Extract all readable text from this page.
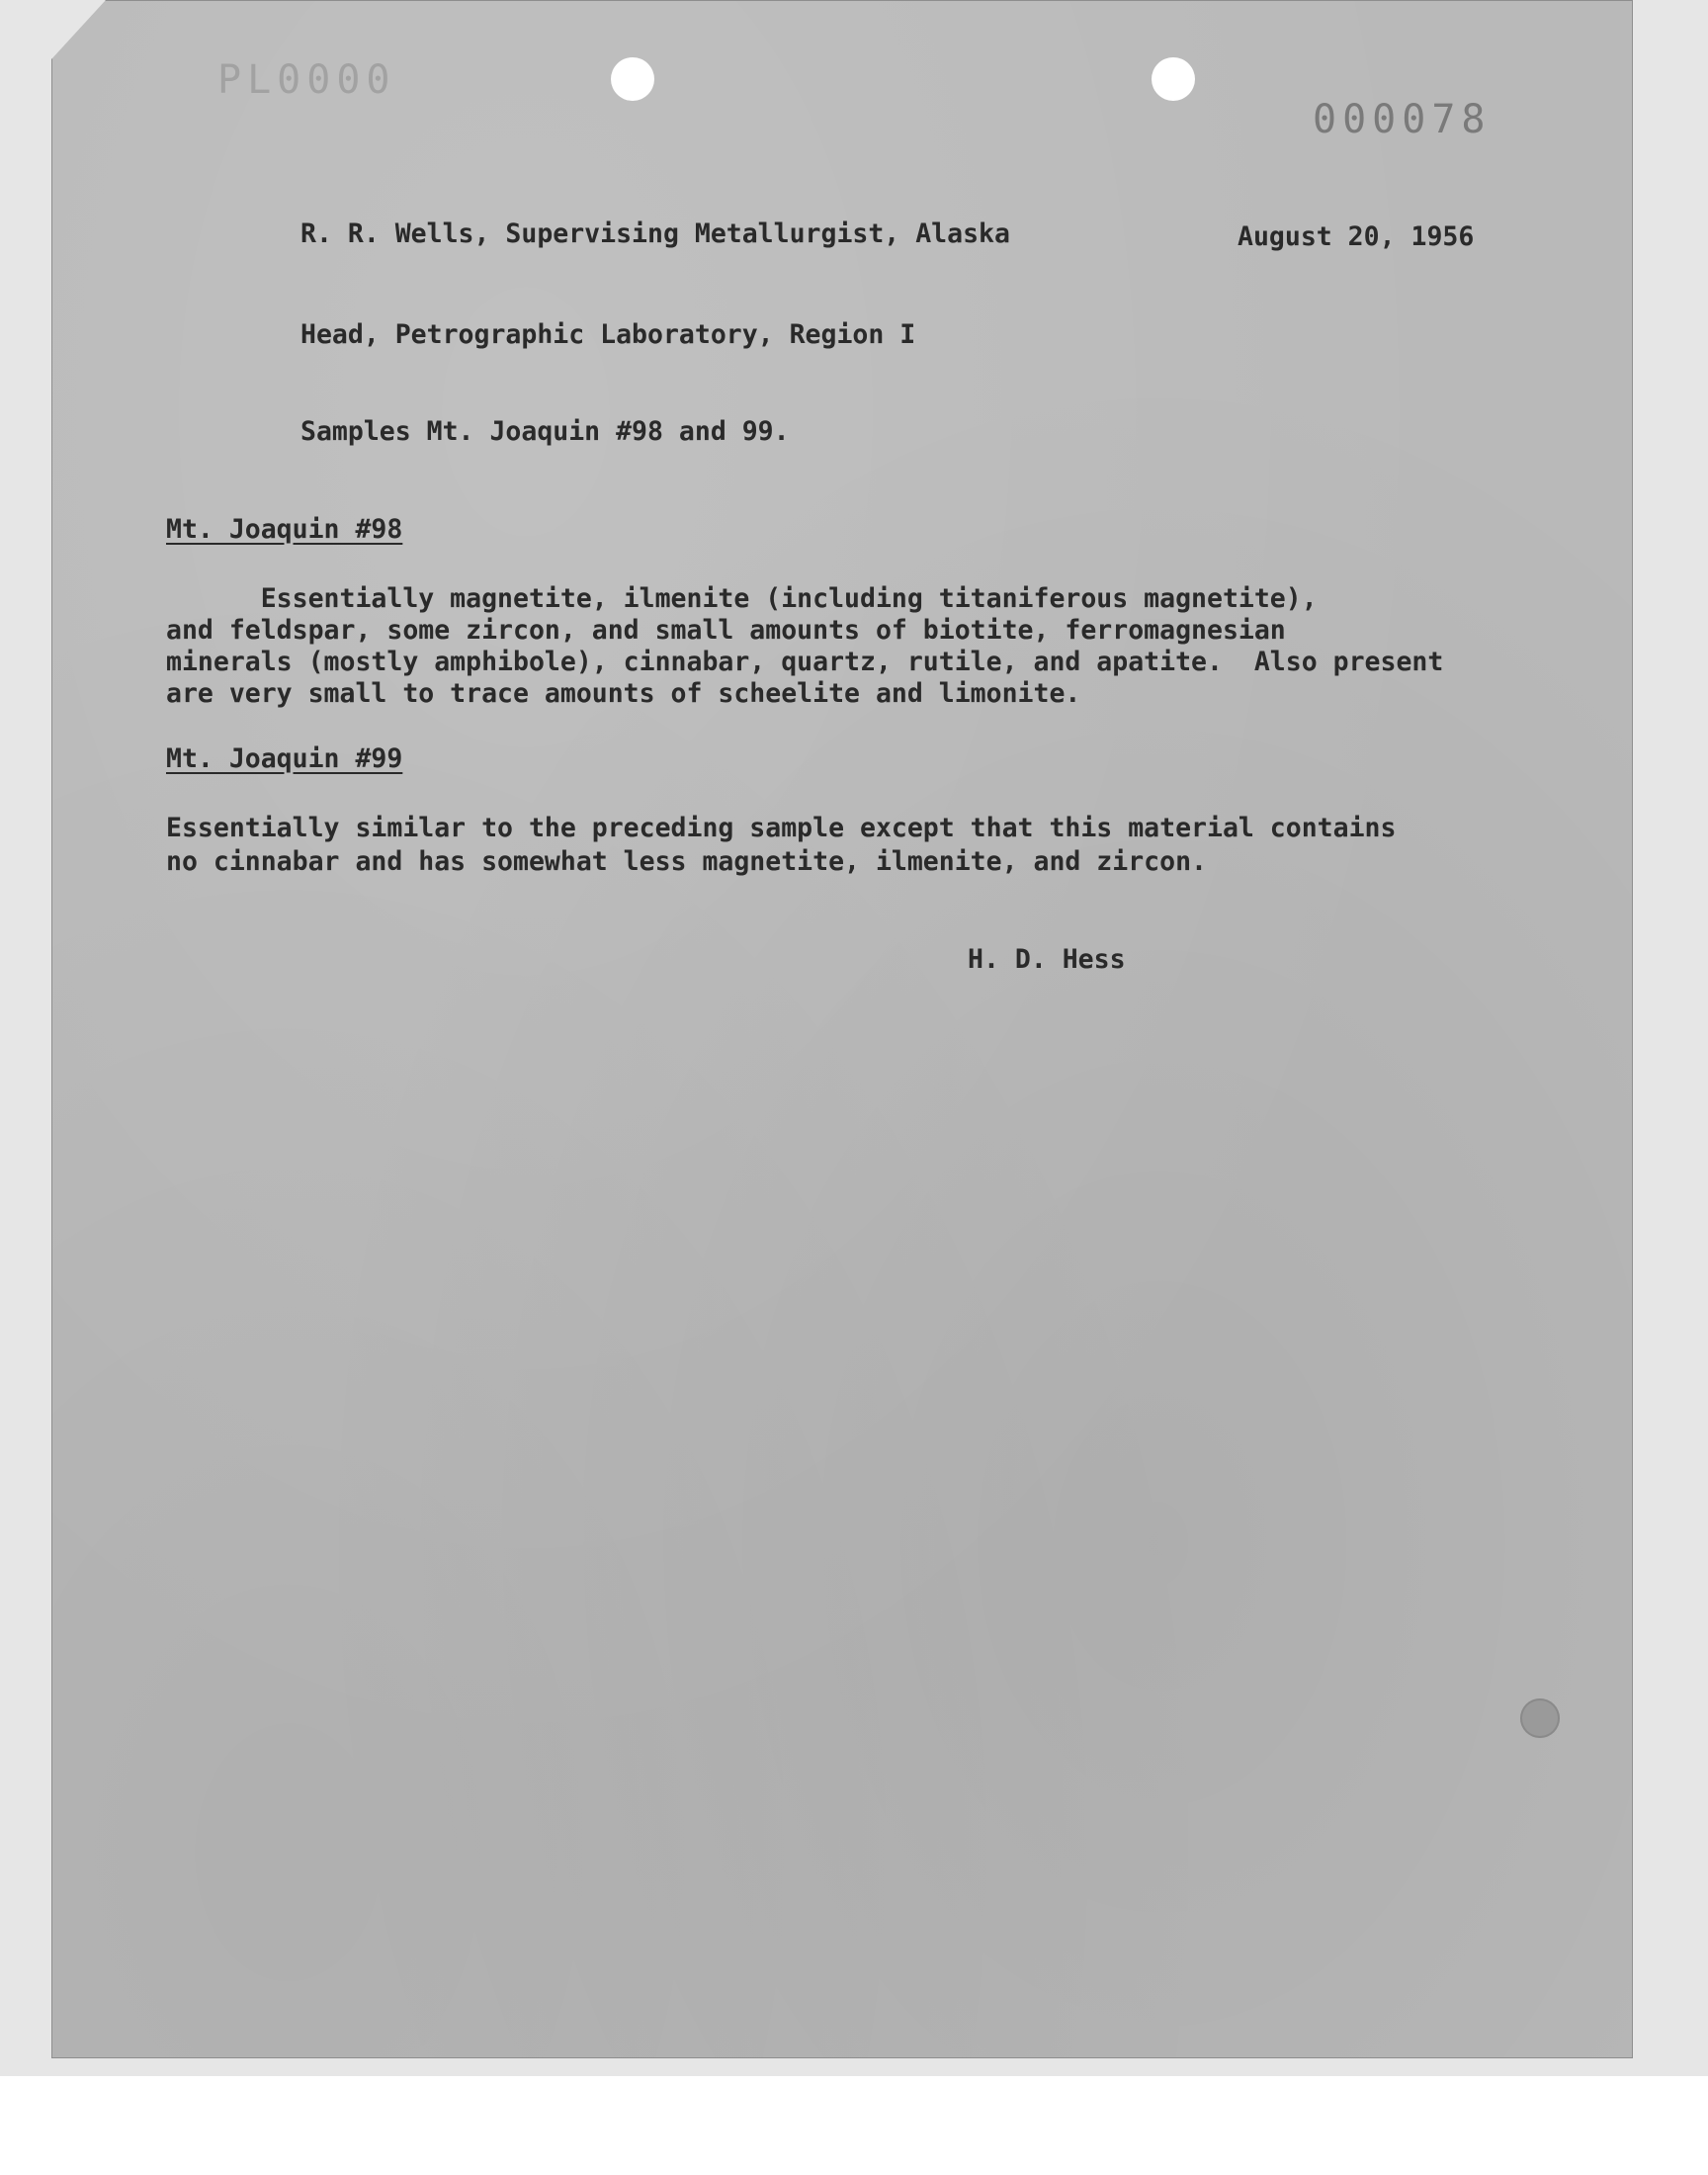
PL0000
000078
R. R. Wells, Supervising Metallurgist, Alaska	August 20, 1956
Head, Petrographic Laboratory, Region I
Samples Mt. Joaquin #98 and 99.
Mt. Joaquin #98
Essentially magnetite, ilmenite (including titaniferous magnetite),
and feldspar, some zircon, and small amounts of biotite, ferromagnesian
minerals (mostly amphibole), cinnabar, quartz, rutile, and apatite.  Also present
are very small to trace amounts of scheelite and limonite.
Mt. Joaquin #99
Essentially similar to the preceding sample except that this material contains
no cinnabar and has somewhat less magnetite, ilmenite, and zircon.
H. D. Hess
